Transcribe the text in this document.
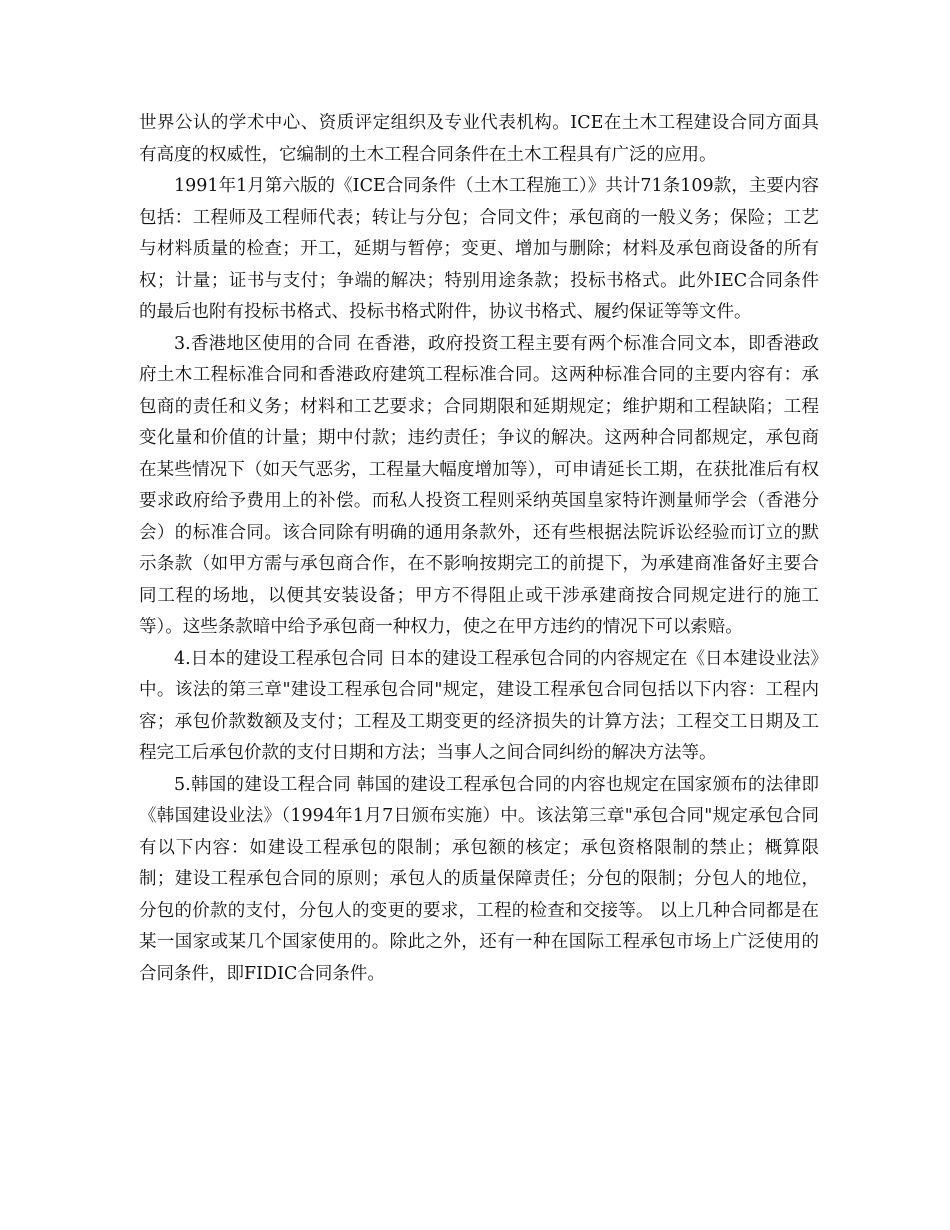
世界公认的学术中心、资质评定组织及专业代表机构。ICE在土木工程建设合同方面具有高度的权威性，它编制的土木工程合同条件在土木工程具有广泛的应用。

1991年1月第六版的《ICE合同条件（土木工程施工）》共计71条109款，主要内容包括：工程师及工程师代表；转让与分包；合同文件；承包商的一般义务；保险；工艺与材料质量的检查；开工，延期与暂停；变更、增加与删除；材料及承包商设备的所有权；计量；证书与支付；争端的解决；特别用途条款；投标书格式。此外IEC合同条件的最后也附有投标书格式、投标书格式附件，协议书格式、履约保证等等文件。

3.香港地区使用的合同 在香港，政府投资工程主要有两个标准合同文本，即香港政府土木工程标准合同和香港政府建筑工程标准合同。这两种标准合同的主要内容有：承包商的责任和义务；材料和工艺要求；合同期限和延期规定；维护期和工程缺陷；工程变化量和价值的计量；期中付款；违约责任；争议的解决。这两种合同都规定，承包商在某些情况下（如天气恶劣，工程量大幅度增加等），可申请延长工期，在获批准后有权要求政府给予费用上的补偿。而私人投资工程则采纳英国皇家特许测量师学会（香港分会）的标准合同。该合同除有明确的通用条款外，还有些根据法院诉讼经验而订立的默示条款（如甲方需与承包商合作，在不影响按期完工的前提下，为承建商准备好主要合同工程的场地，以便其安装设备；甲方不得阻止或干涉承建商按合同规定进行的施工等）。这些条款暗中给予承包商一种权力，使之在甲方违约的情况下可以索赔。

4.日本的建设工程承包合同 日本的建设工程承包合同的内容规定在《日本建设业法》中。该法的第三章"建设工程承包合同"规定，建设工程承包合同包括以下内容：工程内容；承包价款数额及支付；工程及工期变更的经济损失的计算方法；工程交工日期及工程完工后承包价款的支付日期和方法；当事人之间合同纠纷的解决方法等。

5.韩国的建设工程合同 韩国的建设工程承包合同的内容也规定在国家颁布的法律即《韩国建设业法》（1994年1月7日颁布实施）中。该法第三章"承包合同"规定承包合同有以下内容：如建设工程承包的限制；承包额的核定；承包资格限制的禁止；概算限制；建设工程承包合同的原则；承包人的质量保障责任；分包的限制；分包人的地位，分包的价款的支付，分包人的变更的要求，工程的检查和交接等。 以上几种合同都是在某一国家或某几个国家使用的。除此之外，还有一种在国际工程承包市场上广泛使用的合同条件，即FIDIC合同条件。
